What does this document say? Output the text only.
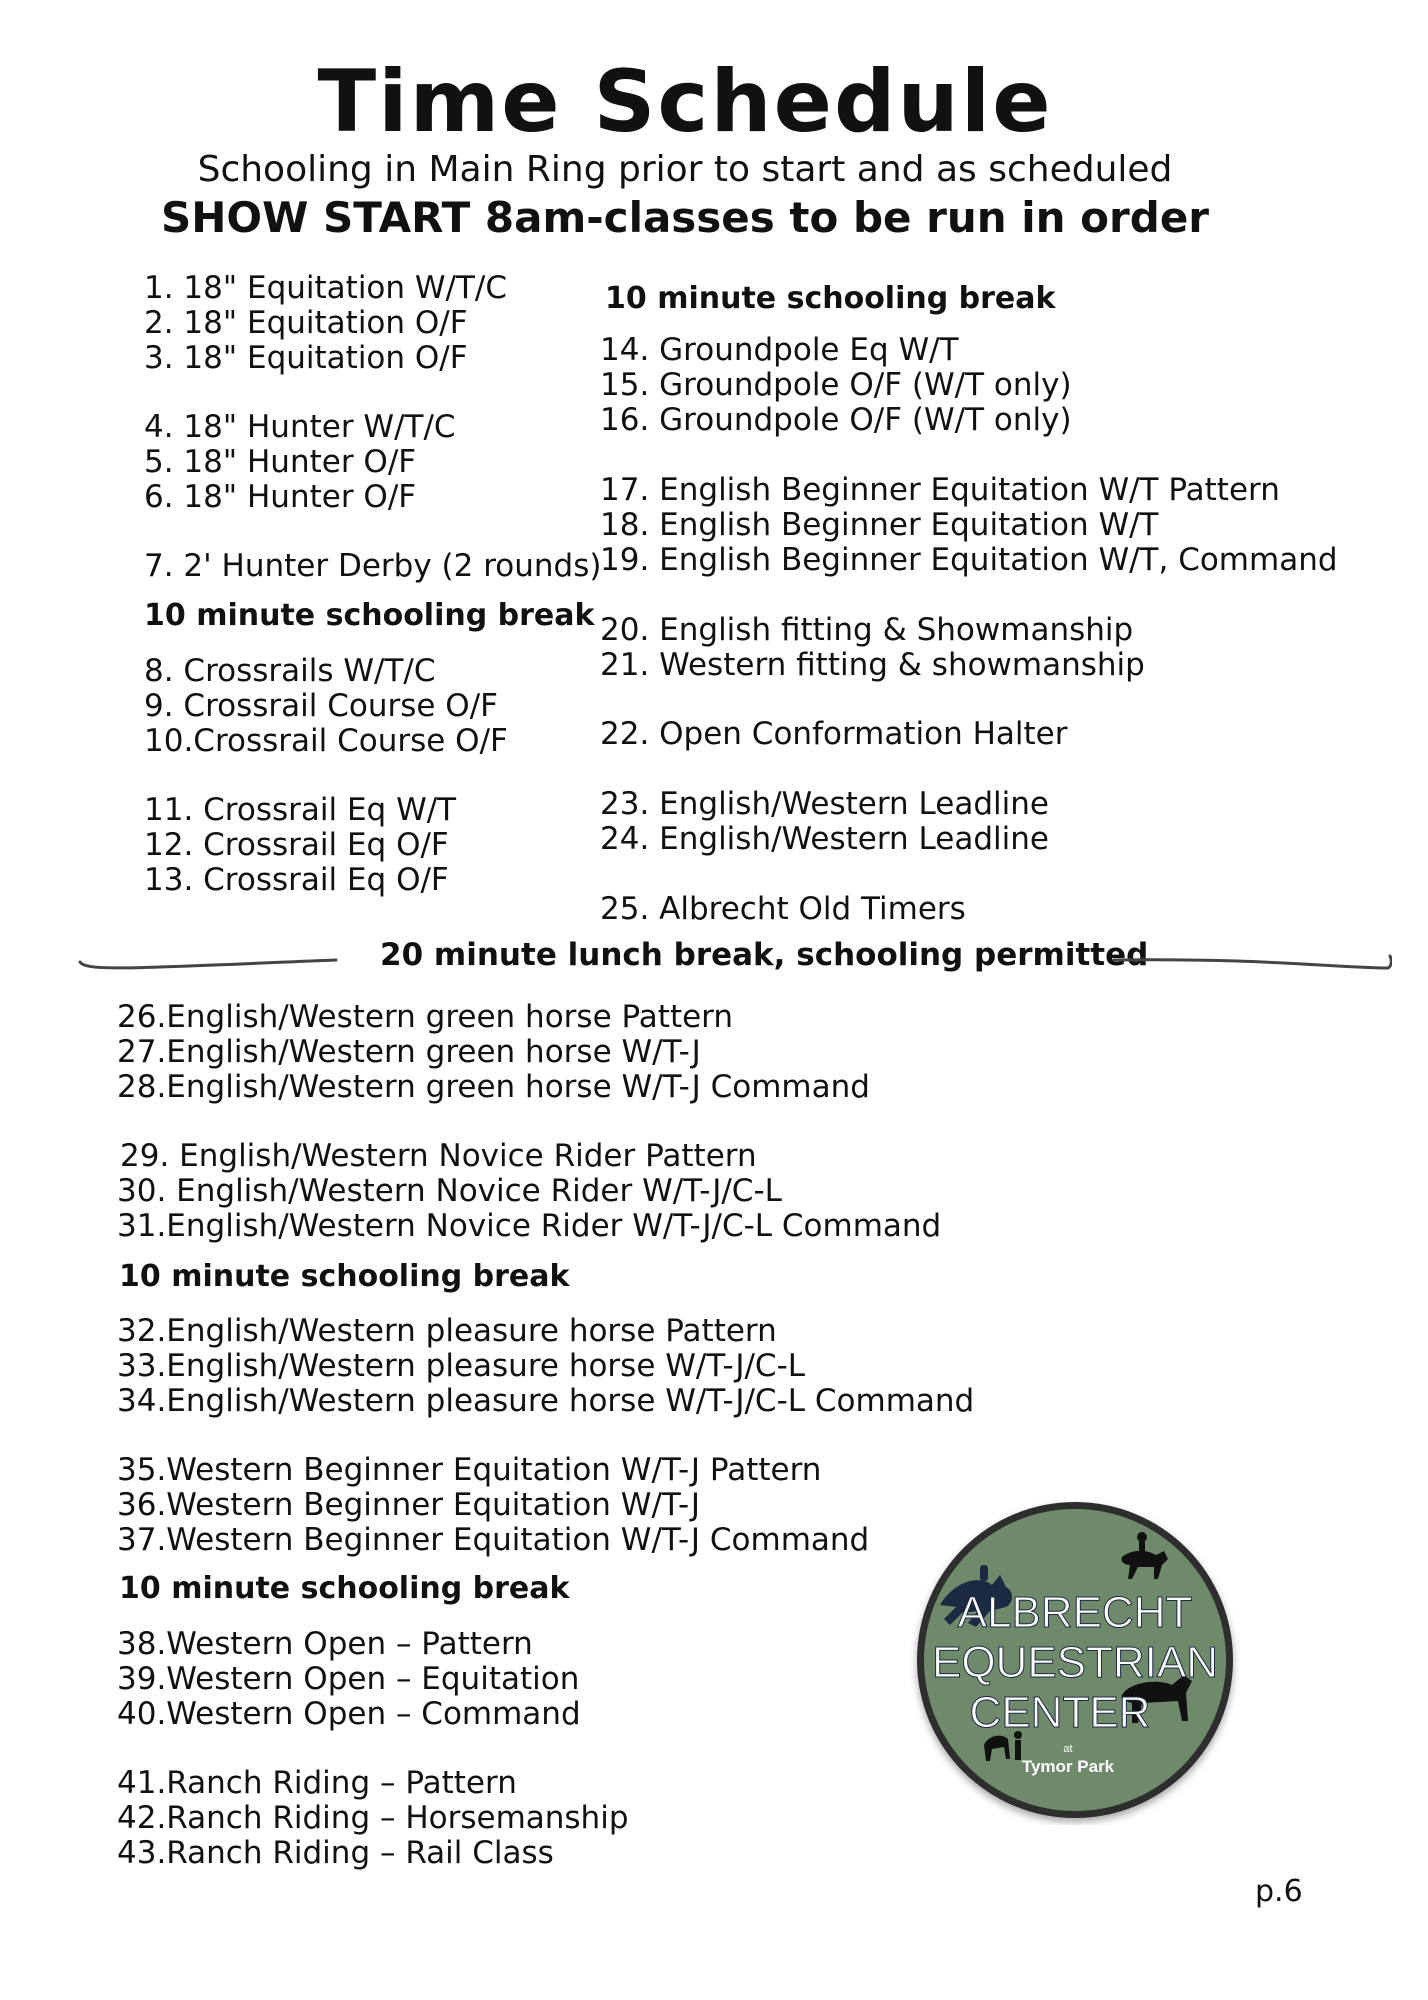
Time Schedule
Schooling in Main Ring prior to start and as scheduled
SHOW START 8am-classes to be run in order
1. 18" Equitation W/T/C
2. 18" Equitation O/F
3. 18" Equitation O/F
4. 18" Hunter W/T/C
5. 18" Hunter O/F
6. 18" Hunter O/F
7. 2' Hunter Derby (2 rounds)
10 minute schooling break
8. Crossrails W/T/C
9. Crossrail Course O/F
10.Crossrail Course O/F
11. Crossrail Eq W/T
12. Crossrail Eq O/F
13. Crossrail Eq O/F
10 minute schooling break
14. Groundpole Eq W/T
15. Groundpole O/F (W/T only)
16. Groundpole O/F (W/T only)
17. English Beginner Equitation W/T Pattern
18. English Beginner Equitation W/T
19. English Beginner Equitation W/T, Command
20. English fitting & Showmanship
21. Western fitting & showmanship
22. Open Conformation Halter
23. English/Western Leadline
24. English/Western Leadline
25. Albrecht Old Timers
20 minute lunch break, schooling permitted
26.English/Western green horse Pattern
27.English/Western green horse W/T-J
28.English/Western green horse W/T-J Command
29. English/Western Novice Rider Pattern
30. English/Western Novice Rider W/T-J/C-L
31.English/Western Novice Rider W/T-J/C-L Command
10 minute schooling break
32.English/Western pleasure horse Pattern
33.English/Western pleasure horse W/T-J/C-L
34.English/Western pleasure horse W/T-J/C-L Command
35.Western Beginner Equitation W/T-J Pattern
36.Western Beginner Equitation W/T-J
37.Western Beginner Equitation W/T-J Command
10 minute schooling break
38.Western Open – Pattern
39.Western Open – Equitation
40.Western Open – Command
41.Ranch Riding – Pattern
42.Ranch Riding – Horsemanship
43.Ranch Riding – Rail Class
ALBRECHT
EQUESTRIAN
CENTER
at
Tymor Park
p.6
